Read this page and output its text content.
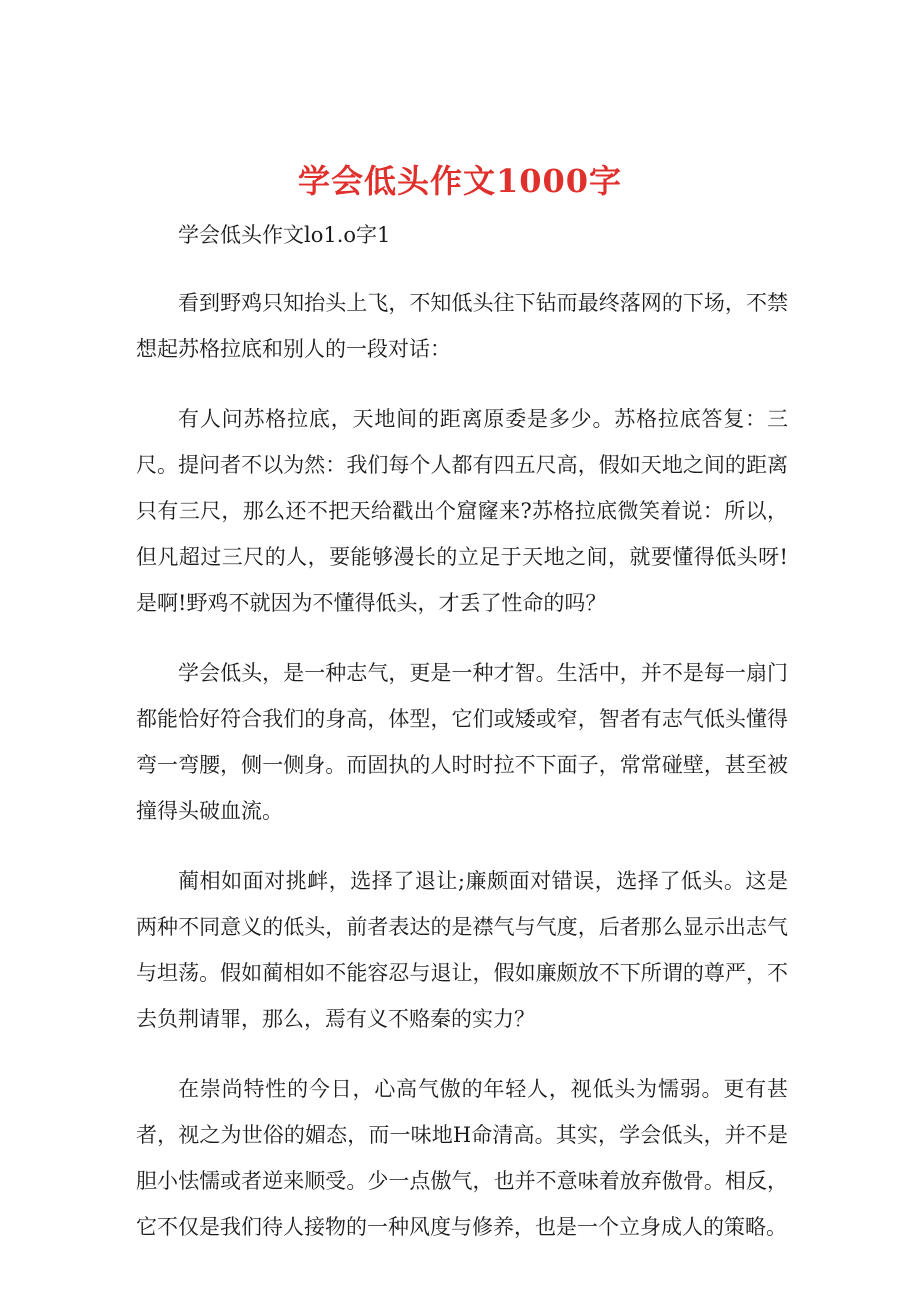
学会低头作文1000字

学会低头作文lo1.o字1

看到野鸡只知抬头上飞，不知低头往下钻而最终落网的下场，不禁想起苏格拉底和别人的一段对话：

有人问苏格拉底，天地间的距离原委是多少。苏格拉底答复：三尺。提问者不以为然：我们每个人都有四五尺高，假如天地之间的距离只有三尺，那么还不把天给戳出个窟窿来?苏格拉底微笑着说：所以，但凡超过三尺的人，要能够漫长的立足于天地之间，就要懂得低头呀!是啊!野鸡不就因为不懂得低头，才丢了性命的吗？

学会低头，是一种志气，更是一种才智。生活中，并不是每一扇门都能恰好符合我们的身高，体型，它们或矮或窄，智者有志气低头懂得弯一弯腰，侧一侧身。而固执的人时时拉不下面子，常常碰壁，甚至被撞得头破血流。

蔺相如面对挑衅，选择了退让;廉颇面对错误，选择了低头。这是两种不同意义的低头，前者表达的是襟气与气度，后者那么显示出志气与坦荡。假如蔺相如不能容忍与退让，假如廉颇放不下所谓的尊严，不去负荆请罪，那么，焉有义不赂秦的实力？

在崇尚特性的今日，心高气傲的年轻人，视低头为懦弱。更有甚者，视之为世俗的媚态，而一味地H命清高。其实，学会低头，并不是胆小怯懦或者逆来顺受。少一点傲气，也并不意味着放弃傲骨。相反，它不仅是我们待人接物的一种风度与修养，也是一个立身成人的策略。
